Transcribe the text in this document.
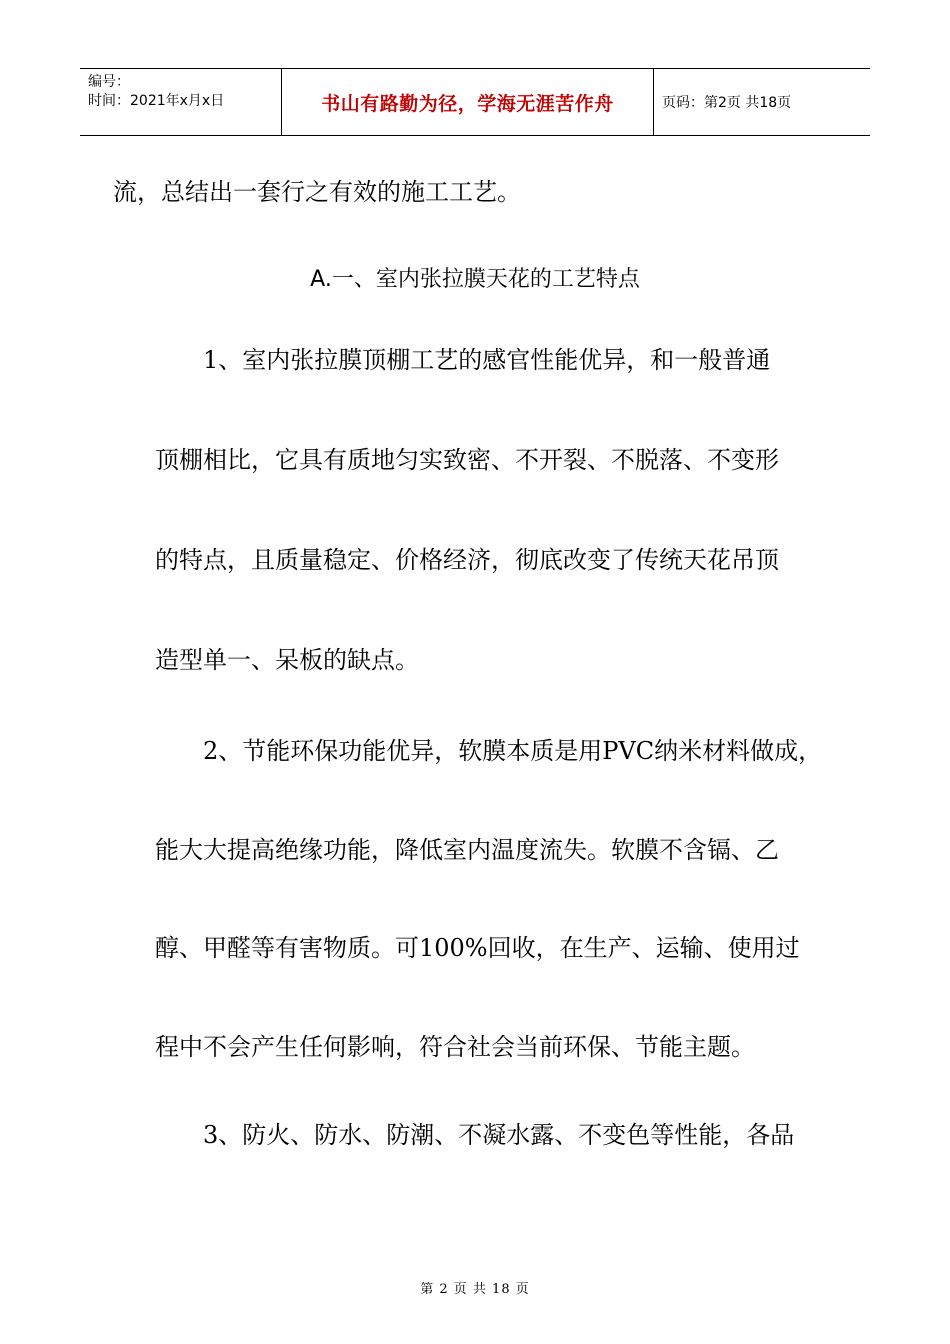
编号：
时间：2021年x月x日	书山有路勤为径，学海无涯苦作舟	页码：第2页 共18页
流，总结出一套行之有效的施工工艺。
A.一、室内张拉膜天花的工艺特点
1、室内张拉膜顶棚工艺的感官性能优异，和一般普通
顶棚相比，它具有质地匀实致密、不开裂、不脱落、不变形
的特点，且质量稳定、价格经济，彻底改变了传统天花吊顶
造型单一、呆板的缺点。
2、节能环保功能优异，软膜本质是用PVC纳米材料做成，
能大大提高绝缘功能，降低室内温度流失。软膜不含镉、乙
醇、甲醛等有害物质。可100%回收，在生产、运输、使用过
程中不会产生任何影响，符合社会当前环保、节能主题。
3、防火、防水、防潮、不凝水露、不变色等性能，各品
第 2 页 共 18 页
